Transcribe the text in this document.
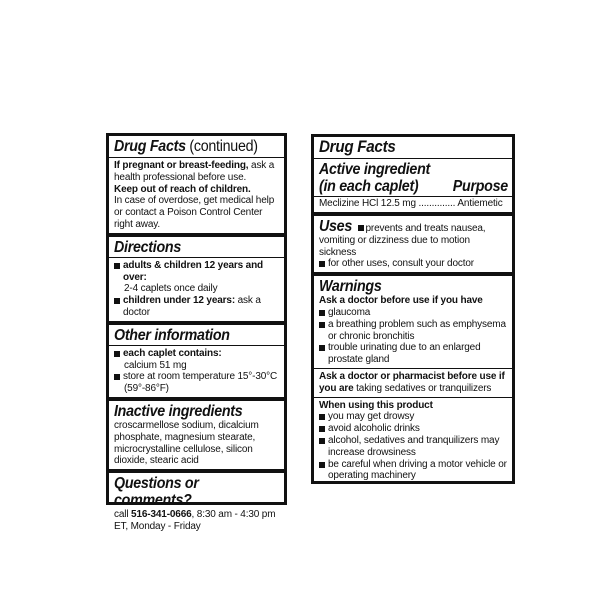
Drug Facts (continued)
If pregnant or breast-feeding, ask a health professional before use.
Keep out of reach of children.
In case of overdose, get medical help or contact a Poison Control Center right away.
Directions
adults & children 12 years and over:
2-4 caplets once daily
children under 12 years: ask a doctor
Other information
each caplet contains:
calcium 51 mg
store at room temperature 15°-30°C
(59°-86°F)
Inactive ingredients
croscarmellose sodium, dicalcium phosphate, magnesium stearate, microcrystalline cellulose, silicon dioxide, stearic acid
Questions or comments?
call 516-341-0666, 8:30 am - 4:30 pm ET, Monday - Friday
Drug Facts
Active ingredient
(in each caplet) Purpose
Meclizine HCl 12.5 mg .............. Antiemetic
Uses prevents and treats nausea, vomiting or dizziness due to motion sickness
for other uses, consult your doctor
Warnings
Ask a doctor before use if you have
glaucoma
a breathing problem such as emphysema or chronic bronchitis
trouble urinating due to an enlarged prostate gland
Ask a doctor or pharmacist before use if you are taking sedatives or tranquilizers
When using this product
you may get drowsy
avoid alcoholic drinks
alcohol, sedatives and tranquilizers may increase drowsiness
be careful when driving a motor vehicle or operating machinery
